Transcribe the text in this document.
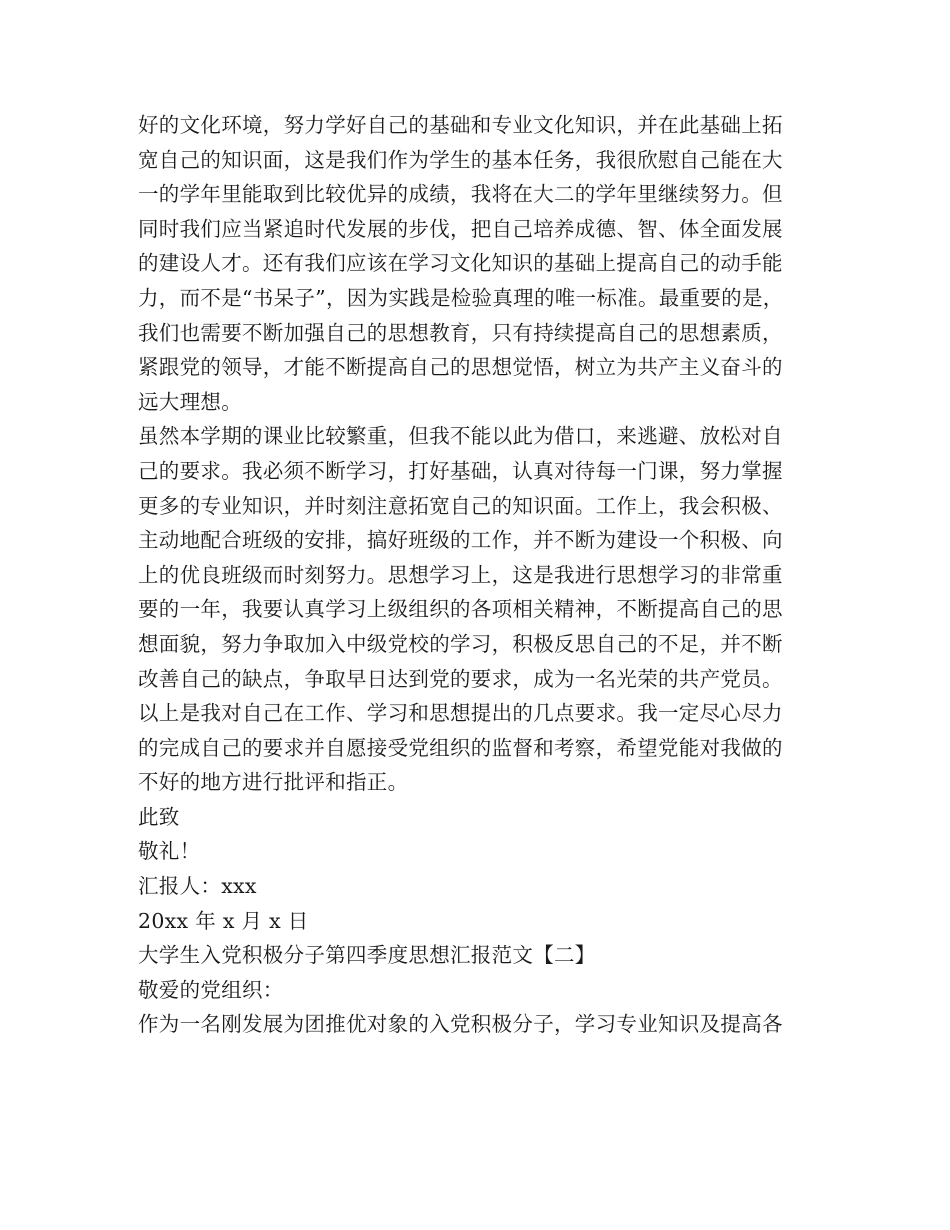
好的文化环境，努力学好自己的基础和专业文化知识，并在此基础上拓
宽自己的知识面，这是我们作为学生的基本任务，我很欣慰自己能在大
一的学年里能取到比较优异的成绩，我将在大二的学年里继续努力。但
同时我们应当紧追时代发展的步伐，把自己培养成德、智、体全面发展
的建设人才。还有我们应该在学习文化知识的基础上提高自己的动手能
力，而不是“书呆子”，因为实践是检验真理的唯一标准。最重要的是，
我们也需要不断加强自己的思想教育，只有持续提高自己的思想素质，
紧跟党的领导，才能不断提高自己的思想觉悟，树立为共产主义奋斗的
远大理想。
虽然本学期的课业比较繁重，但我不能以此为借口，来逃避、放松对自
己的要求。我必须不断学习，打好基础，认真对待每一门课，努力掌握
更多的专业知识，并时刻注意拓宽自己的知识面。工作上，我会积极、
主动地配合班级的安排，搞好班级的工作，并不断为建设一个积极、向
上的优良班级而时刻努力。思想学习上，这是我进行思想学习的非常重
要的一年，我要认真学习上级组织的各项相关精神，不断提高自己的思
想面貌，努力争取加入中级党校的学习，积极反思自己的不足，并不断
改善自己的缺点，争取早日达到党的要求，成为一名光荣的共产党员。
以上是我对自己在工作、学习和思想提出的几点要求。我一定尽心尽力
的完成自己的要求并自愿接受党组织的监督和考察，希望党能对我做的
不好的地方进行批评和指正。
此致
敬礼！
汇报人：xxx
20xx 年 x 月 x 日
大学生入党积极分子第四季度思想汇报范文【二】
敬爱的党组织：
作为一名刚发展为团推优对象的入党积极分子，学习专业知识及提高各
